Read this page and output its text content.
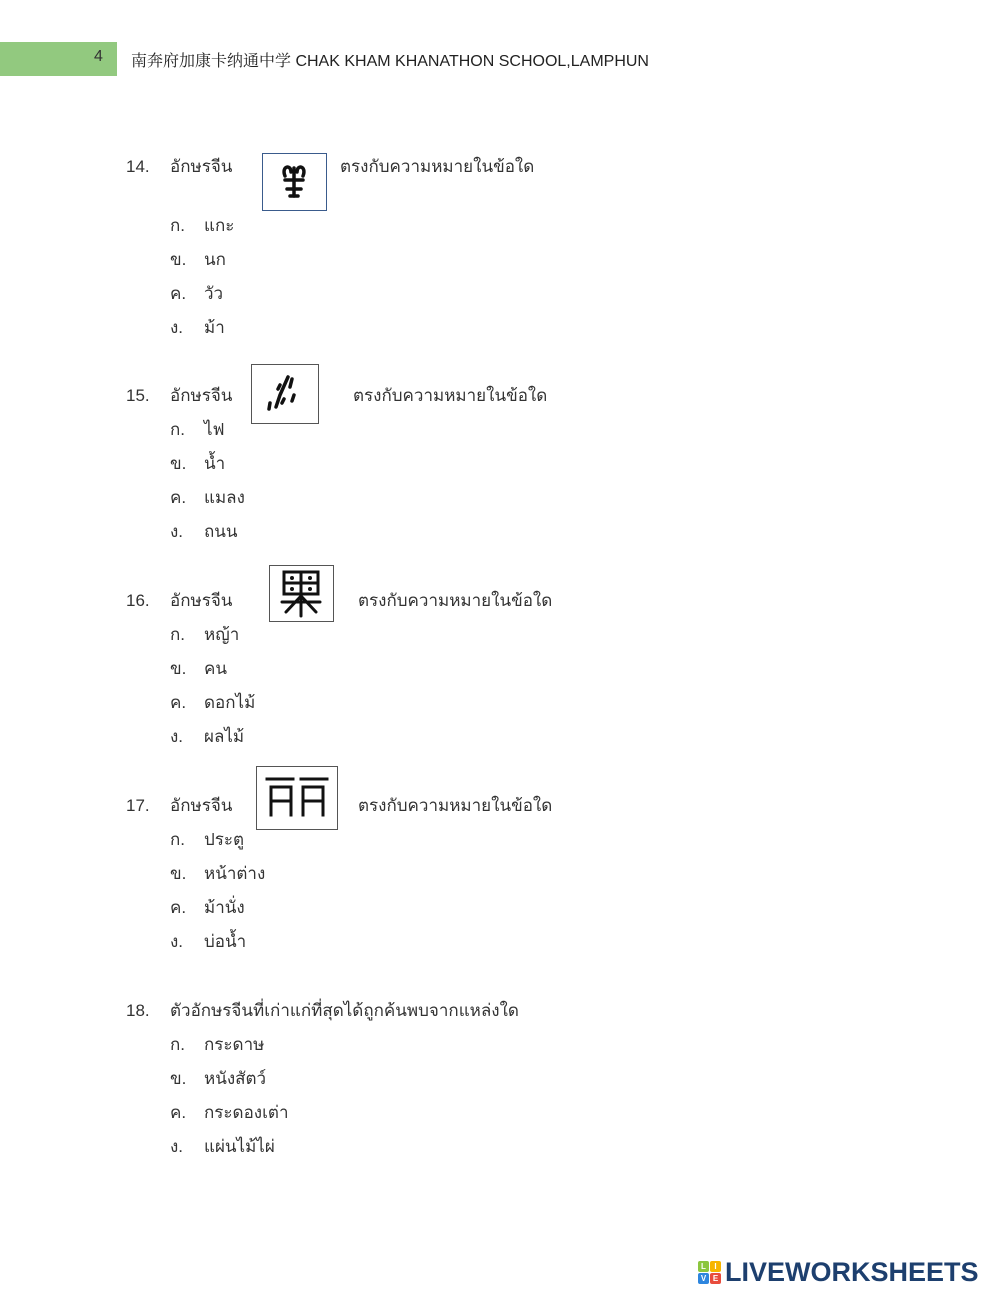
4 南奔府加康卡纳通中学 CHAK KHAM KHANATHON SCHOOL,LAMPHUN
14. อักษรจีน	ตรงกับความหมายในข้อใด
ก. แกะ
ข. นก
ค. วัว
ง. ม้า
15. อักษรจีน	ตรงกับความหมายในข้อใด
ก. ไฟ
ข. น้ำ
ค. แมลง
ง. ถนน
16. อักษรจีน	ตรงกับความหมายในข้อใด
ก. หญ้า
ข. คน
ค. ดอกไม้
ง. ผลไม้
17. อักษรจีน	ตรงกับความหมายในข้อใด
ก. ประตู
ข. หน้าต่าง
ค. ม้านั่ง
ง. บ่อน้ำ
18. ตัวอักษรจีนที่เก่าแก่ที่สุดได้ถูกค้นพบจากแหล่งใด
ก. กระดาษ
ข. หนังสัตว์
ค. กระดองเต่า
ง. แผ่นไม้ไผ่
L	I
V E LIVEWORKSHEETS
